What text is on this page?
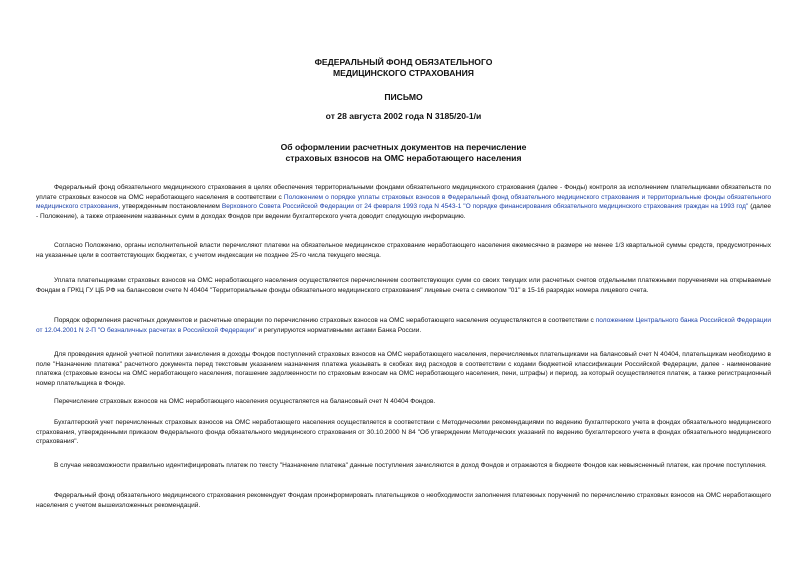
ФЕДЕРАЛЬНЫЙ ФОНД ОБЯЗАТЕЛЬНОГО
МЕДИЦИНСКОГО СТРАХОВАНИЯ
ПИСЬМО
от 28 августа 2002 года N 3185/20-1/и
Об оформлении расчетных документов на перечисление
страховых взносов на ОМС неработающего населения

Федеральный фонд обязательного медицинского страхования в целях обеспечения территориальными фондами обязательного медицинского страхования (далее - Фонды) контроля за исполнением плательщиками обязательств по уплате страховых взносов на ОМС неработающего населения в соответствии с Положением о порядке уплаты страховых взносов в Федеральный фонд обязательного медицинского страхования и территориальные фонды обязательного медицинского страхования, утвержденным постановлением Верховного Совета Российской Федерации от 24 февраля 1993 года N 4543-1 "О порядке финансирования обязательного медицинского страхования граждан на 1993 год" (далее - Положение), а также отражением названных сумм в доходах Фондов при ведении бухгалтерского учета доводит следующую информацию.

Согласно Положению, органы исполнительной власти перечисляют платежи на обязательное медицинское страхование неработающего населения ежемесячно в размере не менее 1/3 квартальной суммы средств, предусмотренных на указанные цели в соответствующих бюджетах, с учетом индексации не позднее 25-го числа текущего месяца.

Уплата плательщиками страховых взносов на ОМС неработающего населения осуществляется перечислением соответствующих сумм со своих текущих или расчетных счетов отдельными платежными поручениями на открываемые Фондам в ГРКЦ ГУ ЦБ РФ на балансовом счете N 40404 "Территориальные фонды обязательного медицинского страхования" лицевые счета с символом "01" в 15-16 разрядах номера лицевого счета.

Порядок оформления расчетных документов и расчетные операции по перечислению страховых взносов на ОМС неработающего населения осуществляются в соответствии с положением Центрального банка Российской Федерации от 12.04.2001 N 2-П "О безналичных расчетах в Российской Федерации" и регулируются нормативными актами Банка России.

Для проведения единой учетной политики зачисления в доходы Фондов поступлений страховых взносов на ОМС неработающего населения, перечисляемых плательщиками на балансовый счет N 40404, плательщикам необходимо в поле "Назначение платежа" расчетного документа перед текстовым указанием назначения платежа указывать в скобках вид расходов в соответствии с кодами бюджетной классификации Российской Федерации, далее - наименование платежа (страховые взносы на ОМС неработающего населения, погашение задолженности по страховым взносам на ОМС неработающего населения, пени, штрафы) и период, за который осуществляется платеж, а также регистрационный номер плательщика в Фонде.

Перечисление страховых взносов на ОМС неработающего населения осуществляется на балансовый счет N 40404 Фондов.

Бухгалтерский учет перечисленных страховых взносов на ОМС неработающего населения осуществляется в соответствии с Методическими рекомендациями по ведению бухгалтерского учета в фондах обязательного медицинского страхования, утвержденными приказом Федерального фонда обязательного медицинского страхования от 30.10.2000 N 84 "Об утверждении Методических указаний по ведению бухгалтерского учета в фондах обязательного медицинского страхования".

В случае невозможности правильно идентифицировать платеж по тексту "Назначение платежа" данные поступления зачисляются в доход Фондов и отражаются в бюджете Фондов как невыясненный платеж, как прочие поступления.

Федеральный фонд обязательного медицинского страхования рекомендует Фондам проинформировать плательщиков о необходимости заполнения платежных поручений по перечислению страховых взносов на ОМС неработающего населения с учетом вышеизложенных рекомендаций.
